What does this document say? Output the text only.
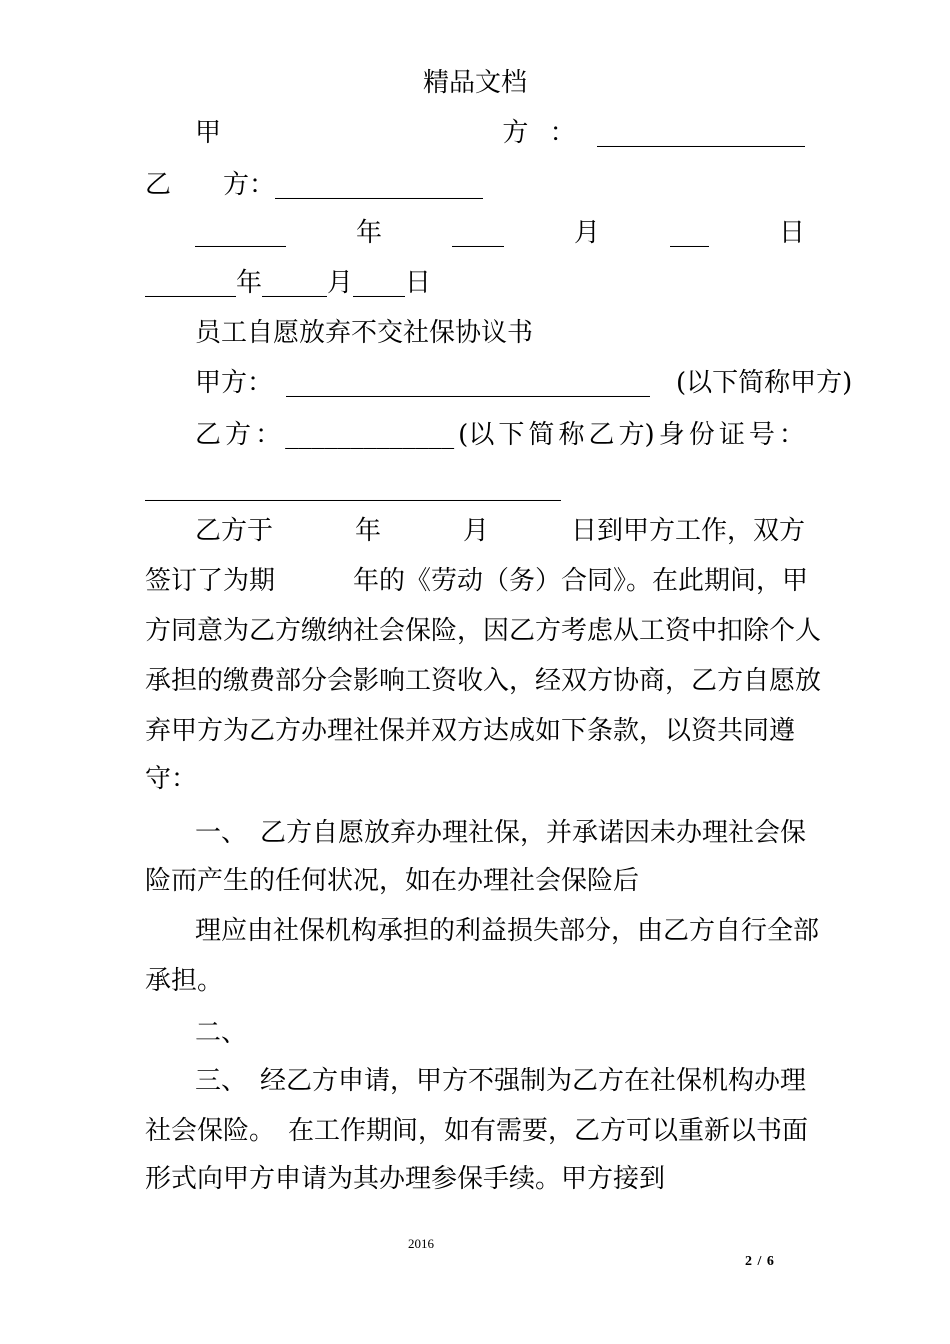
精品文档
甲	方 ： ________________
乙　　方：________________
_______	年	____	月	___	日
_______年_____月____日
员工自愿放弃不交社保协议书
甲方：　____________________________　(以下简称甲方)
乙 方 ： _____________ (以 下 简 称 乙 方) 身 份 证 号 ：
________________________________
乙方于	年	月	日到甲方工作，双方
签订了为期　　　年的《劳动（务）合同》。在此期间，甲
方同意为乙方缴纳社会保险，因乙方考虑从工资中扣除个人
承担的缴费部分会影响工资收入，经双方协商，乙方自愿放
弃甲方为乙方办理社保并双方达成如下条款，以资共同遵
守：
一、　乙方自愿放弃办理社保，并承诺因未办理社会保
险而产生的任何状况，如在办理社会保险后
理应由社保机构承担的利益损失部分，由乙方自行全部
承担。
二、
三、　经乙方申请，甲方不强制为乙方在社保机构办理
社会保险。　在工作期间，如有需要，乙方可以重新以书面
形式向甲方申请为其办理参保手续。甲方接到
2016
2 / 6
